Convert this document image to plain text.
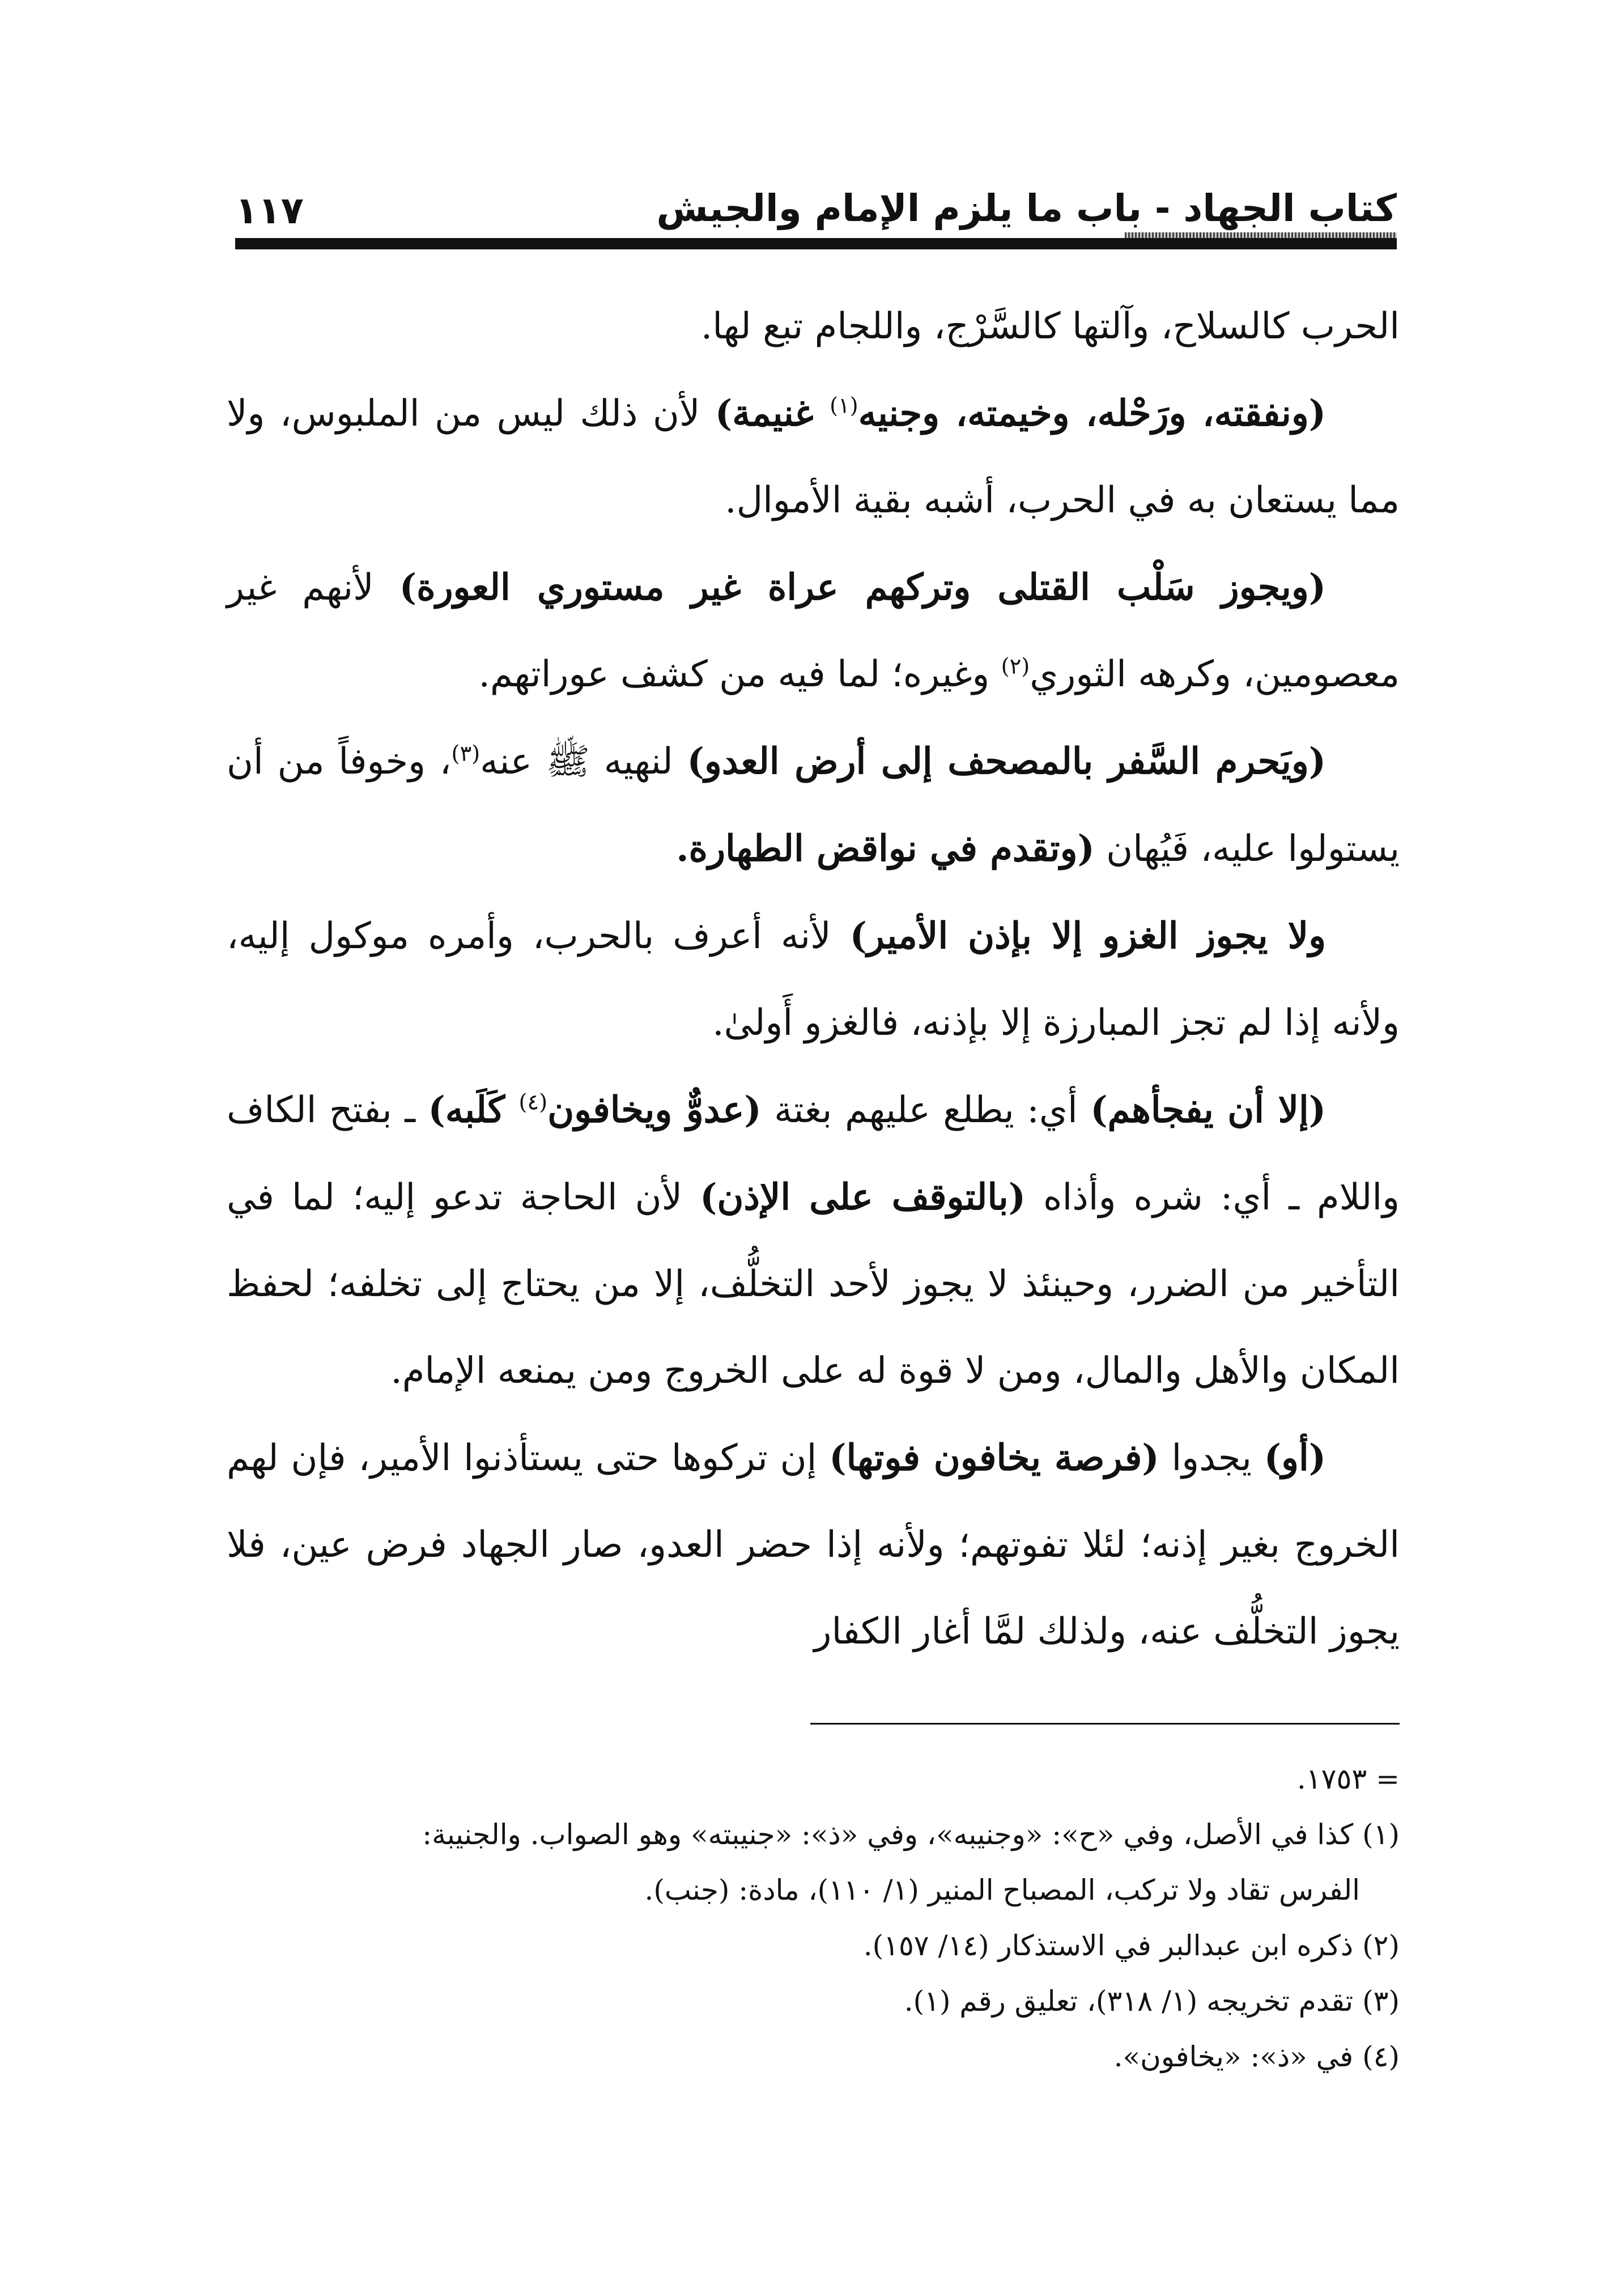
١١٧	كتاب الجهاد - باب ما يلزم الإمام والجيش

الحرب كالسلاح، وآلتها كالسَّرْج، واللجام تبع لها.

(ونفقته، ورَحْله، وخيمته، وجنيه$^{(١)}$ غنيمة) لأن ذلك ليس من الملبوس، ولا مما يستعان به في الحرب، أشبه بقية الأموال.

(ويجوز سَلْب القتلى وتركهم عراة غير مستوري العورة) لأنهم غير معصومين، وكرهه الثوري$^{(٢)}$ وغيره؛ لما فيه من كشف عوراتهم.

(ويَحرم السَّفر بالمصحف إلى أرض العدو) لنهيه ﷺ عنه$^{(٣)}$، وخوفاً من أن يستولوا عليه، فَيُهان (وتقدم في نواقض الطهارة.

ولا يجوز الغزو إلا بإذن الأمير) لأنه أعرف بالحرب، وأمره موكول إليه، ولأنه إذا لم تجز المبارزة إلا بإذنه، فالغزو أَولىٰ.

(إلا أن يفجأهم) أي: يطلع عليهم بغتة (عدوٌّ ويخافون$^{(٤)}$ كَلَبه) ـ بفتح الكاف واللام ـ أي: شره وأذاه (بالتوقف على الإذن) لأن الحاجة تدعو إليه؛ لما في التأخير من الضرر، وحينئذ لا يجوز لأحد التخلُّف، إلا من يحتاج إلى تخلفه؛ لحفظ المكان والأهل والمال، ومن لا قوة له على الخروج ومن يمنعه الإمام.

(أو) يجدوا (فرصة يخافون فوتها) إن تركوها حتى يستأذنوا الأمير، فإن لهم الخروج بغير إذنه؛ لئلا تفوتهم؛ ولأنه إذا حضر العدو، صار الجهاد فرض عين، فلا يجوز التخلُّف عنه، ولذلك لمَّا أغار الكفار

= ١٧٥٣.

(١) كذا في الأصل، وفي «ح»: «وجنيبه»، وفي «ذ»: «جنيبته» وهو الصواب. والجنيبة:
الفرس تقاد ولا تركب، المصباح المنير (١/ ١١٠)، مادة: (جنب).
(٢) ذكره ابن عبدالبر في الاستذكار (١٤/ ١٥٧).
(٣) تقدم تخريجه (١/ ٣١٨)، تعليق رقم (١).
(٤) في «ذ»: «يخافون».
